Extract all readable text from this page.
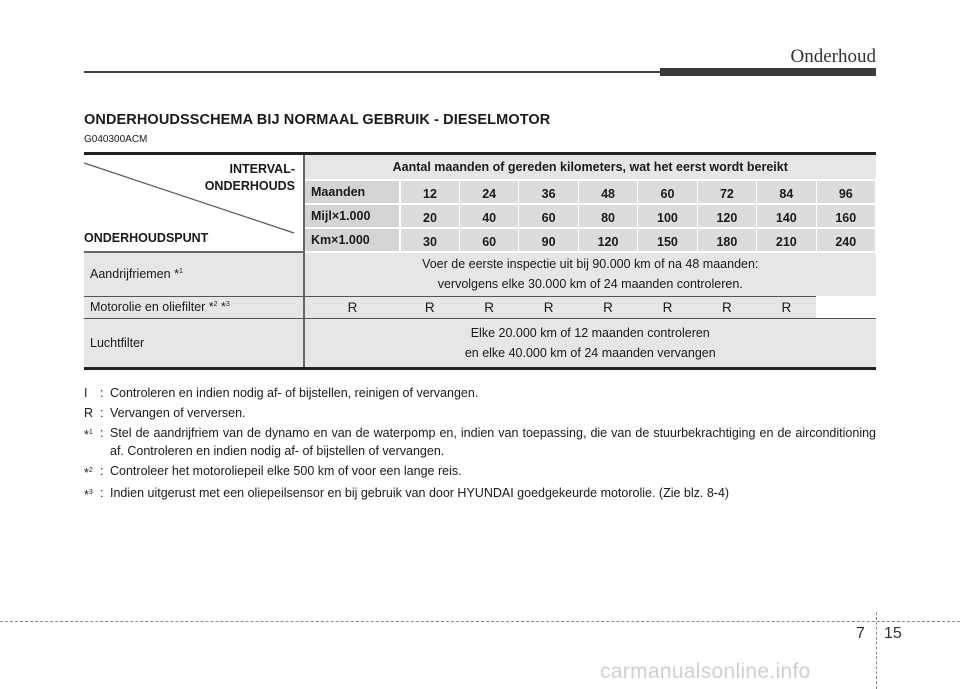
Onderhoud
ONDERHOUDSSCHEMA BIJ NORMAAL GEBRUIK - DIESELMOTOR
G040300ACM
INTERVAL-
ONDERHOUDS
ONDERHOUDSPUNT	Aantal maanden of gereden kilometers, wat het eerst wordt bereikt								
	Maanden	12	24	36	48	60	72	84	96
	Mijl×1.000	20	40	60	80	100	120	140	160
	Km×1.000	30	60	90	120	150	180	210	240
Aandrijfriemen *$^1$	Voer de eerste inspectie uit bij 90.000 km of na 48 maanden:
vervolgens elke 30.000 km of 24 maanden controleren.								

Motorolie en oliefilter *$^2$ *$^3$	R	R	R	R	R	R	R	R	
Luchtfilter	Elke 20.000 km of 12 maanden controleren
en elke 40.000 km of 24 maanden vervangen								
I	: Controleren en indien nodig af- of bijstellen, reinigen of vervangen.
R : Vervangen of verversen.
*$^1$ : Stel de aandrijfriem van de dynamo en van de waterpomp en, indien van toepassing, die van de stuurbekrachtiging en de airconditioning af. Controleren en indien nodig af- of bijstellen of vervangen.
*$^2$ : Controleer het motoroliepeil elke 500 km of voor een lange reis.
*$^3$ : Indien uitgerust met een oliepeilsensor en bij gebruik van door HYUNDAI goedgekeurde motorolie. (Zie blz. 8-4)
7 15
carmanualsonline.info
